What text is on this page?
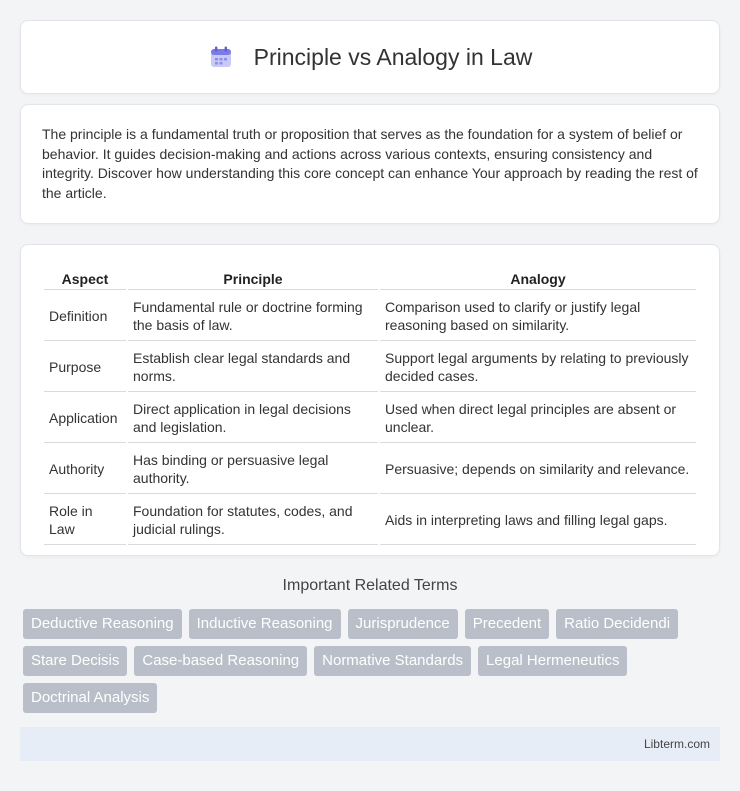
Principle vs Analogy in Law

The principle is a fundamental truth or proposition that serves as the foundation for a system of belief or behavior. It guides decision-making and actions across various contexts, ensuring consistency and integrity. Discover how understanding this core concept can enhance Your approach by reading the rest of the article.

Aspect	Principle	Analogy
Definition	Fundamental rule or doctrine forming the basis of law.	Comparison used to clarify or justify legal reasoning based on similarity.
Purpose	Establish clear legal standards and norms.	Support legal arguments by relating to previously decided cases.
Application	Direct application in legal decisions and legislation.	Used when direct legal principles are absent or unclear.
Authority	Has binding or persuasive legal authority.	Persuasive; depends on similarity and relevance.
Role in Law	Foundation for statutes, codes, and judicial rulings.	Aids in interpreting laws and filling legal gaps.
Important Related Terms
Deductive Reasoning	Inductive Reasoning	Jurisprudence	Precedent	Ratio Decidendi
Stare Decisis	Case-based Reasoning	Normative Standards	Legal Hermeneutics
Doctrinal Analysis
Libterm.com
